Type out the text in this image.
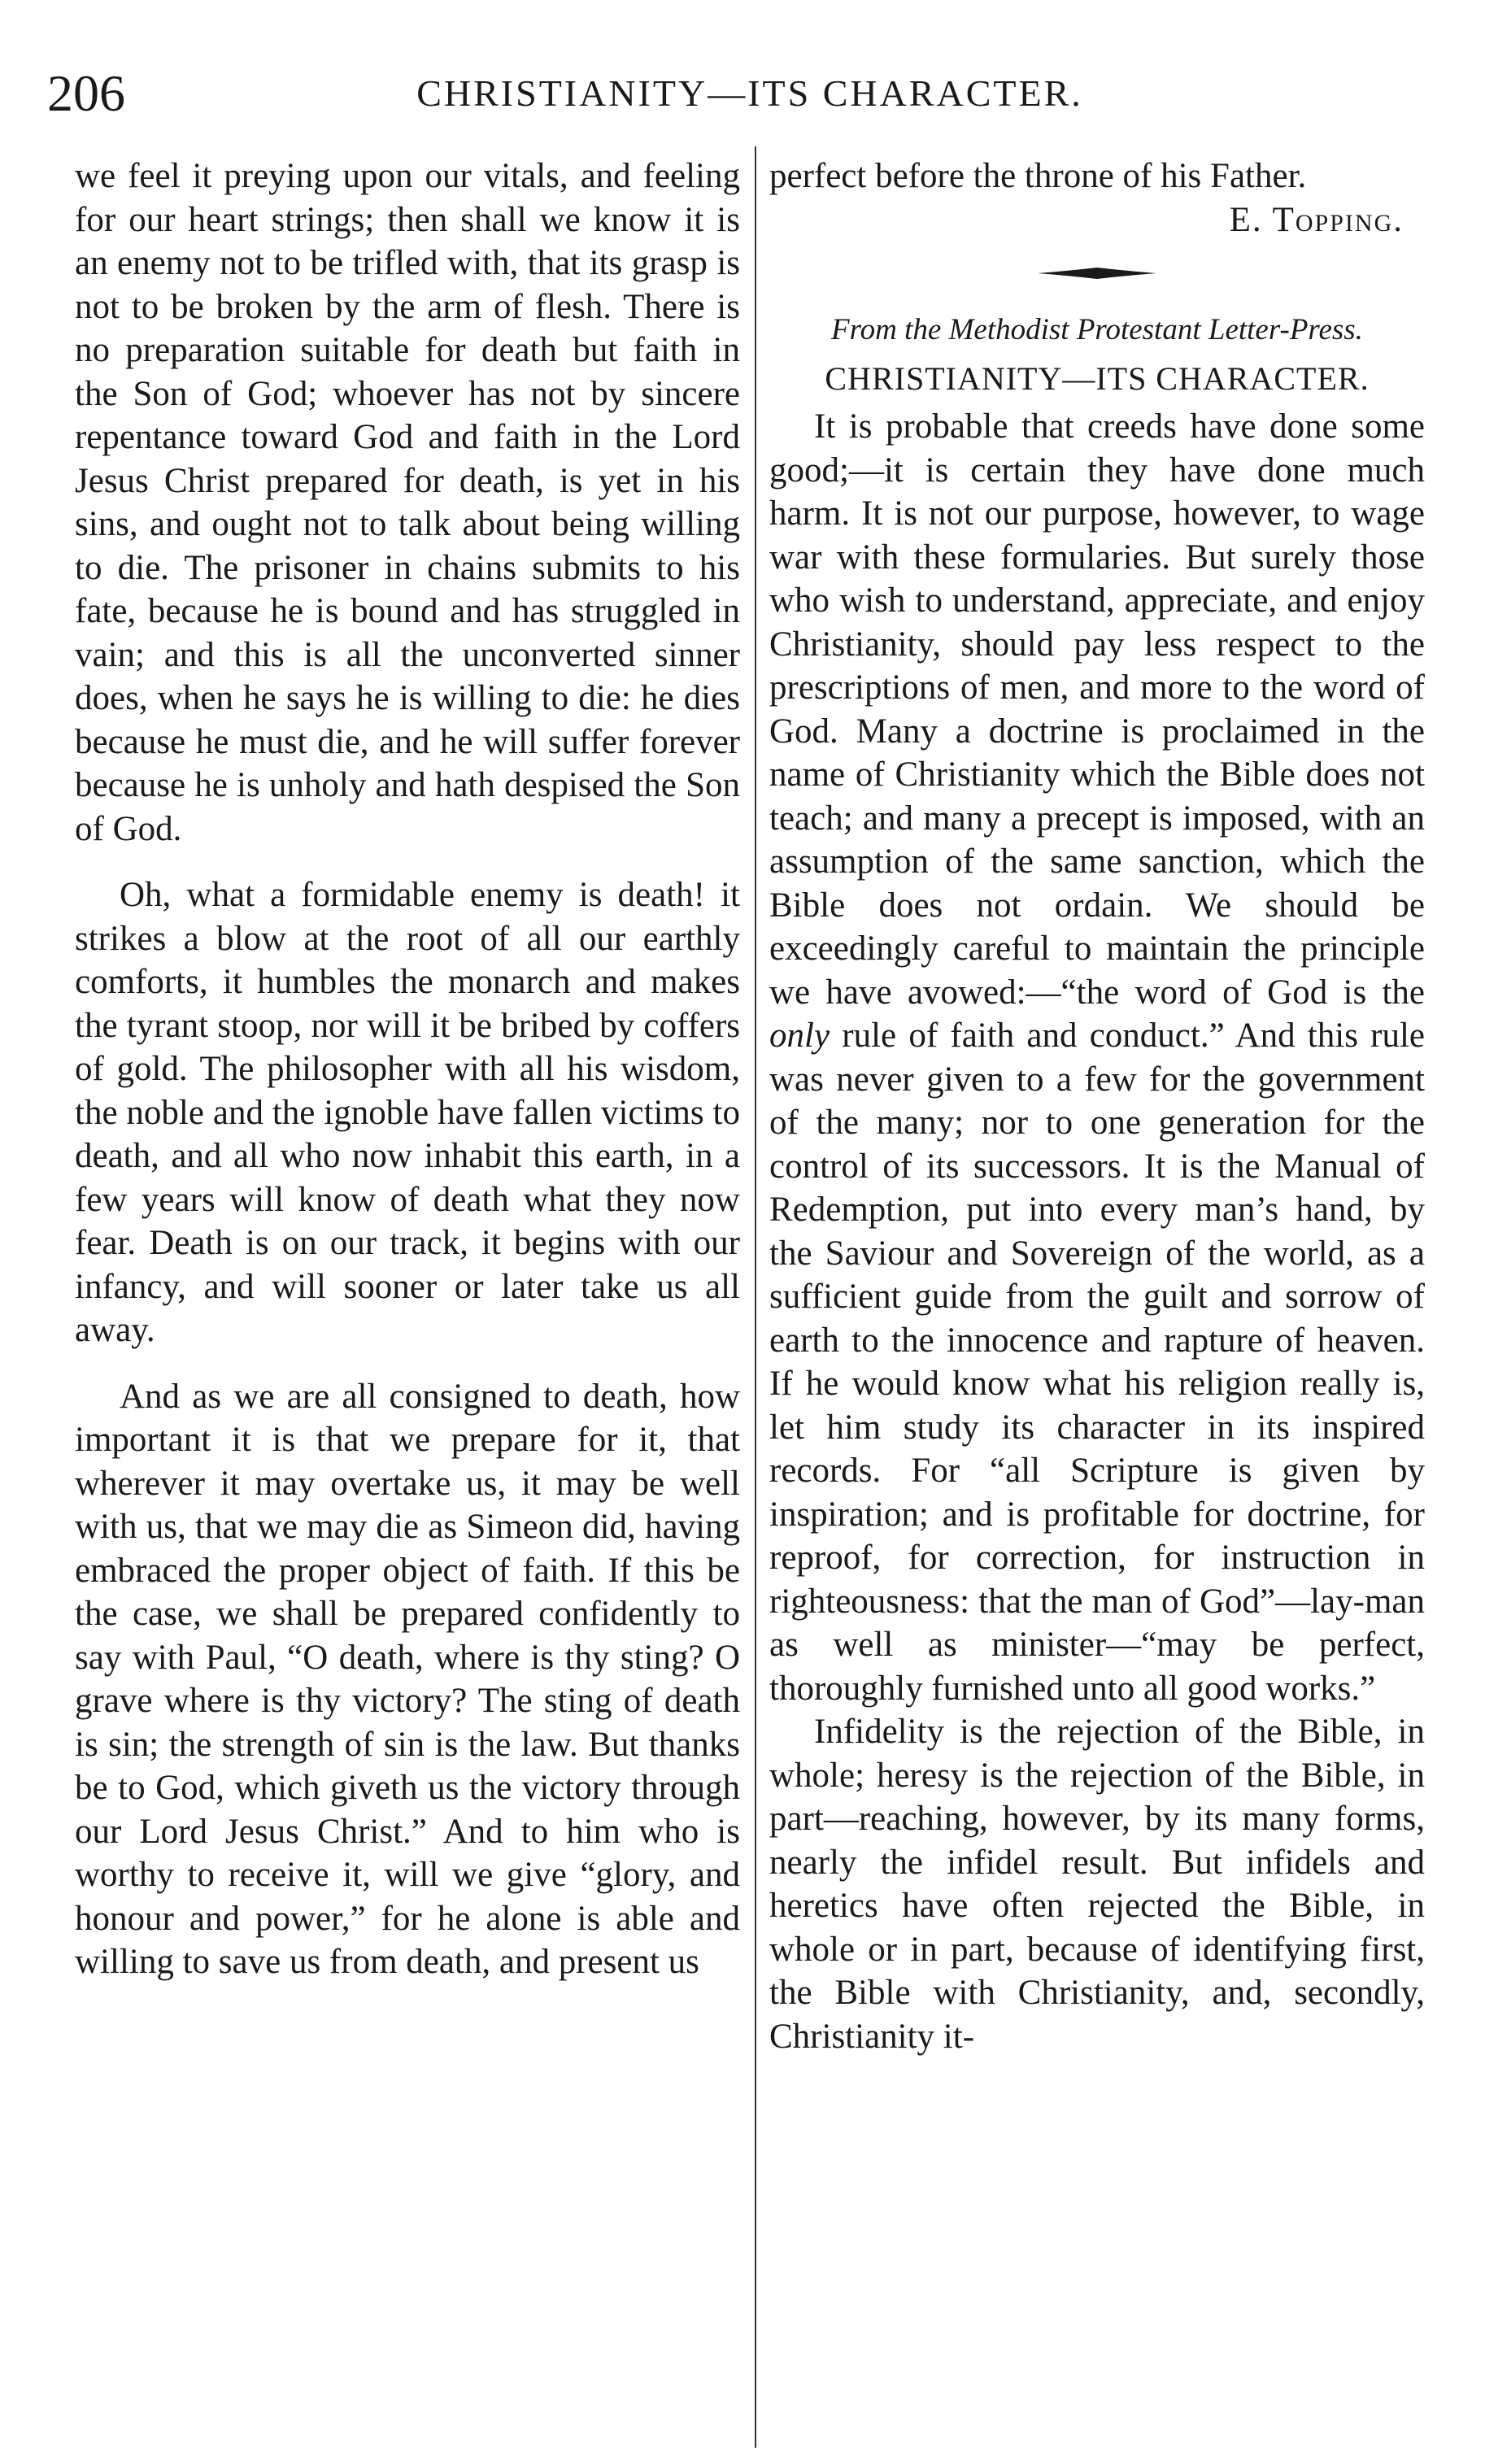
206	CHRISTIANITY—ITS CHARACTER.

we feel it preying upon our vitals, and feeling for our heart strings; then shall we know it is an enemy not to be trifled with, that its grasp is not to be broken by the arm of flesh. There is no preparation suitable for death but faith in the Son of God; whoever has not by sincere repentance toward God and faith in the Lord Jesus Christ prepared for death, is yet in his sins, and ought not to talk about being willing to die. The prisoner in chains submits to his fate, because he is bound and has struggled in vain; and this is all the unconverted sinner does, when he says he is willing to die: he dies because he must die, and he will suffer forever because he is unholy and hath despised the Son of God.

Oh, what a formidable enemy is death! it strikes a blow at the root of all our earthly comforts, it humbles the monarch and makes the tyrant stoop, nor will it be bribed by coffers of gold. The philosopher with all his wisdom, the noble and the ignoble have fallen victims to death, and all who now inhabit this earth, in a few years will know of death what they now fear. Death is on our track, it begins with our infancy, and will sooner or later take us all away.

And as we are all consigned to death, how important it is that we prepare for it, that wherever it may overtake us, it may be well with us, that we may die as Simeon did, having embraced the proper object of faith. If this be the case, we shall be prepared confidently to say with Paul, “O death, where is thy sting? O grave where is thy victory? The sting of death is sin; the strength of sin is the law. But thanks be to God, which giveth us the victory through our Lord Jesus Christ.” And to him who is worthy to receive it, will we give “glory, and honour and power,” for he alone is able and willing to save us from death, and present us

perfect before the throne of his Father.

E. Topping.

From the Methodist Protestant Letter-Press.

CHRISTIANITY—ITS CHARACTER.

It is probable that creeds have done some good;—it is certain they have done much harm. It is not our purpose, however, to wage war with these formularies. But surely those who wish to understand, appreciate, and enjoy Christianity, should pay less respect to the prescriptions of men, and more to the word of God. Many a doctrine is proclaimed in the name of Christianity which the Bible does not teach; and many a precept is imposed, with an assumption of the same sanction, which the Bible does not ordain. We should be exceedingly careful to maintain the principle we have avowed:—“the word of God is the only rule of faith and conduct.” And this rule was never given to a few for the government of the many; nor to one generation for the control of its successors. It is the Manual of Redemption, put into every man’s hand, by the Saviour and Sovereign of the world, as a sufficient guide from the guilt and sorrow of earth to the innocence and rapture of heaven. If he would know what his religion really is, let him study its character in its inspired records. For “all Scripture is given by inspiration; and is profitable for doctrine, for reproof, for correction, for instruction in righteousness: that the man of God”—lay-man as well as minister—“may be perfect, thoroughly furnished unto all good works.”

Infidelity is the rejection of the Bible, in whole; heresy is the rejection of the Bible, in part—reaching, however, by its many forms, nearly the infidel result. But infidels and heretics have often rejected the Bible, in whole or in part, because of identifying first, the Bible with Christianity, and, secondly, Christianity it-
